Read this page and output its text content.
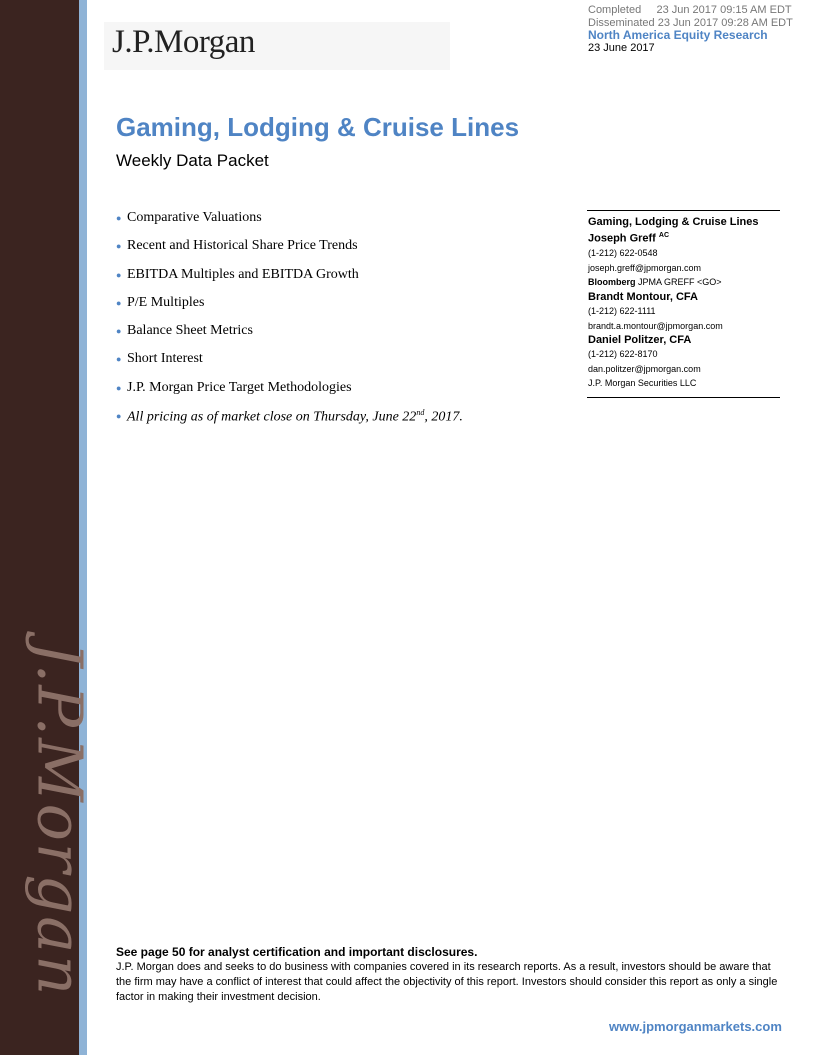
J.P.Morgan
J.P.Morgan
Completed     23 Jun 2017 09:15 AM EDT
Disseminated 23 Jun 2017 09:28 AM EDT
North America Equity Research
23 June 2017
Gaming, Lodging & Cruise Lines
Weekly Data Packet
● Comparative Valuations
● Recent and Historical Share Price Trends
● EBITDA Multiples and EBITDA Growth
● P/E Multiples
● Balance Sheet Metrics
● Short Interest
● J.P. Morgan Price Target Methodologies
● All pricing as of market close on Thursday, June 22nd, 2017.
Gaming, Lodging & Cruise Lines
Joseph Greff $^{AC}$
(1-212) 622-0548
joseph.greff@jpmorgan.com
Bloomberg JPMA GREFF <GO>
Brandt Montour, CFA
(1-212) 622-1111
brandt.a.montour@jpmorgan.com
Daniel Politzer, CFA
(1-212) 622-8170
dan.politzer@jpmorgan.com
J.P. Morgan Securities LLC
See page 50 for analyst certification and important disclosures.
J.P. Morgan does and seeks to do business with companies covered in its research reports. As a result, investors should be aware that the firm may have a conflict of interest that could affect the objectivity of this report. Investors should consider this report as only a single factor in making their investment decision.
www.jpmorganmarkets.com
